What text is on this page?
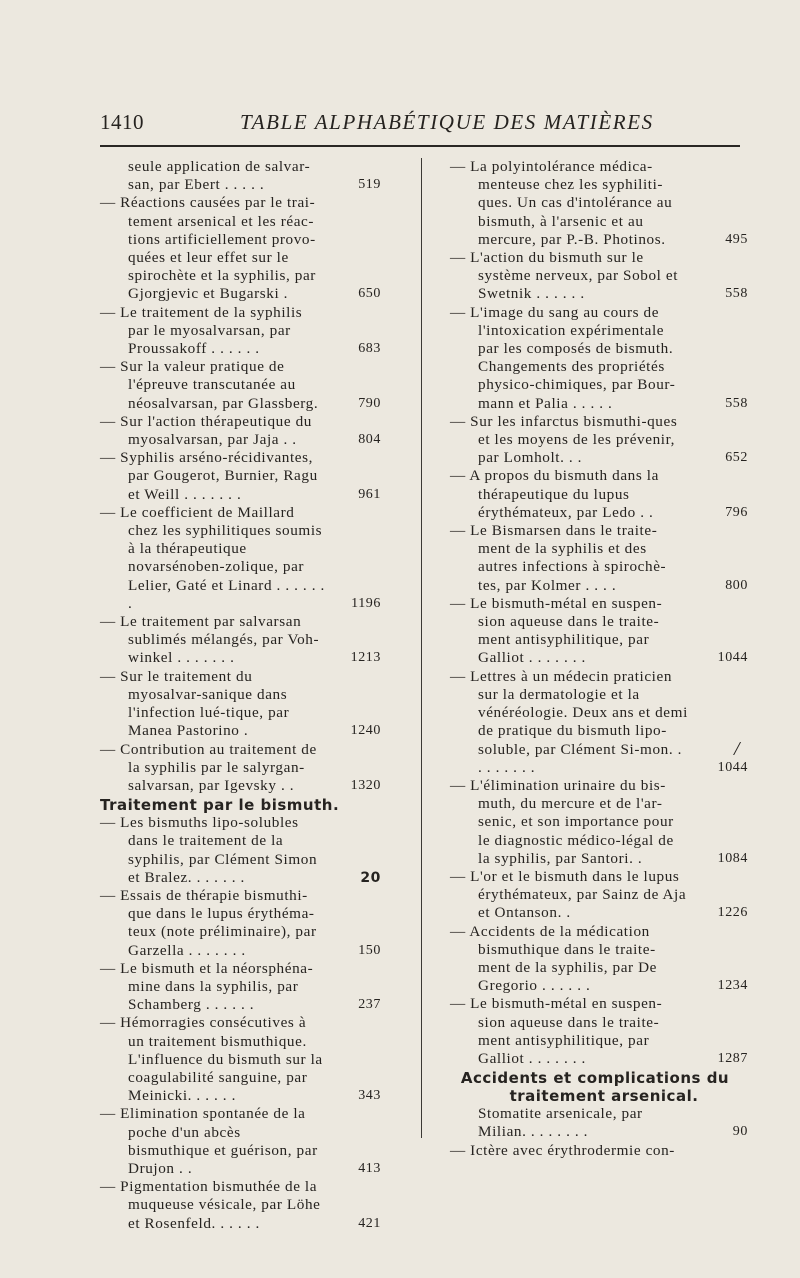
1410	TABLE ALPHABÉTIQUE DES MATIÈRES
seule application de salvar-san, par Ebert . . . . .	519
— Réactions causées par le trai-tement arsenical et les réac-tions artificiellement provo-quées et leur effet sur le spirochète et la syphilis, par Gjorgjevic et Bugarski .	650
— Le traitement de la syphilis par le myosalvarsan, par Proussakoff . . . . . .	683
— Sur la valeur pratique de l'épreuve transcutanée au néosalvarsan, par Glassberg.	790
— Sur l'action thérapeutique du myosalvarsan, par Jaja . .	804
— Syphilis arséno-récidivantes, par Gougerot, Burnier, Ragu et Weill . . . . . . .	961
— Le coefficient de Maillard chez les syphilitiques soumis à la thérapeutique novarsénoben-zolique, par Lelier, Gaté et Linard . . . . . . .	1196
— Le traitement par salvarsan sublimés mélangés, par Voh-winkel . . . . . . .	1213
— Sur le traitement du myosalvar-sanique dans l'infection lué-tique, par Manea Pastorino .	1240
— Contribution au traitement de la syphilis par le salyrgan-salvarsan, par Igevsky . .	1320
Traitement par le bismuth.
— Les bismuths lipo-solubles dans le traitement de la syphilis, par Clément Simon et Bralez. . . . . . .	20
— Essais de thérapie bismuthi-que dans le lupus érythéma-teux (note préliminaire), par Garzella . . . . . . .	150
— Le bismuth et la néorsphéna-mine dans la syphilis, par Schamberg . . . . . .	237
— Hémorragies consécutives à un traitement bismuthique. L'influence du bismuth sur la coagulabilité sanguine, par Meinicki. . . . . .	343
— Elimination spontanée de la poche d'un abcès bismuthique et guérison, par Drujon . .	413
— Pigmentation bismuthée de la muqueuse vésicale, par Löhe et Rosenfeld. . . . . .	421
— La polyintolérance médica-menteuse chez les syphiliti-ques. Un cas d'intolérance au bismuth, à l'arsenic et au mercure, par P.-B. Photinos.	495
— L'action du bismuth sur le système nerveux, par Sobol et Swetnik . . . . . .	558
— L'image du sang au cours de l'intoxication expérimentale par les composés de bismuth. Changements des propriétés physico-chimiques, par Bour-mann et Palia . . . . .	558
— Sur les infarctus bismuthi-ques et les moyens de les prévenir, par Lomholt. . .	652
— A propos du bismuth dans la thérapeutique du lupus érythémateux, par Ledo . .	796
— Le Bismarsen dans le traite-ment de la syphilis et des autres infections à spirochè-tes, par Kolmer . . . .	800
— Le bismuth-métal en suspen-sion aqueuse dans le traite-ment antisyphilitique, par Galliot . . . . . . .	1044
— Lettres à un médecin praticien sur la dermatologie et la vénéréologie. Deux ans et demi de pratique du bismuth lipo-soluble, par Clément Si-mon. . . . . . . . .	1044
— L'élimination urinaire du bis-muth, du mercure et de l'ar-senic, et son importance pour le diagnostic médico-légal de la syphilis, par Santori. .	1084
— L'or et le bismuth dans le lupus érythémateux, par Sainz de Aja et Ontanson. .	1226
— Accidents de la médication bismuthique dans le traite-ment de la syphilis, par De Gregorio . . . . . .	1234
— Le bismuth-métal en suspen-sion aqueuse dans le traite-ment antisyphilitique, par Galliot . . . . . . .	1287
Accidents et complications du traitement arsenical.
Stomatite arsenicale, par Milian. . . . . . . .	90
— Ictère avec érythrodermie con-
/
